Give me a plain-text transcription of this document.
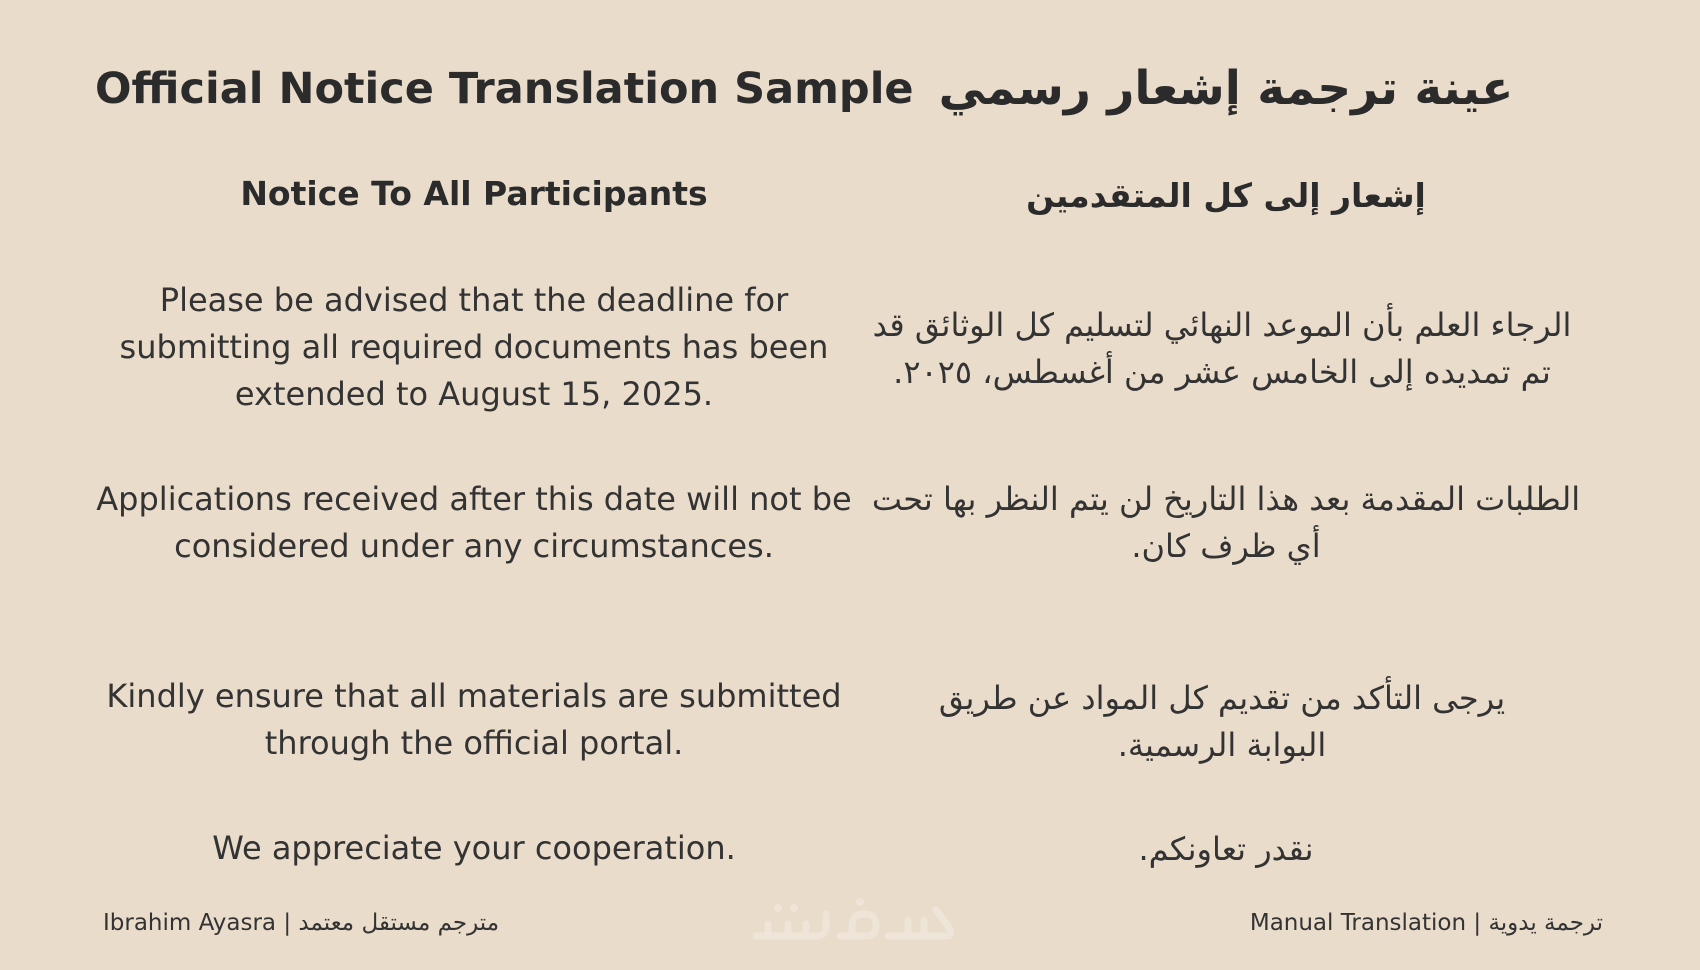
Official Notice Translation Sample
Notice To All Participants
Please be advised that the deadline for submitting all required documents has been extended to August 15, 2025.
Applications received after this date will not be considered under any circumstances.
Kindly ensure that all materials are submitted through the official portal.
We appreciate your cooperation.
عينة ترجمة إشعار رسمي
إشعار إلى كل المتقدمين
الرجاء العلم بأن الموعد النهائي لتسليم كل الوثائق قد تم تمديده إلى الخامس عشر من أغسطس، ٢٠٢٥.
الطلبات المقدمة بعد هذا التاريخ لن يتم النظر بها تحت أي ظرف كان.
يرجى التأكد من تقديم كل المواد عن طريق البوابة الرسمية.
نقدر تعاونكم.
Ibrahim Ayasra | مترجم مستقل معتمد	Manual Translation | ترجمة يدوية
